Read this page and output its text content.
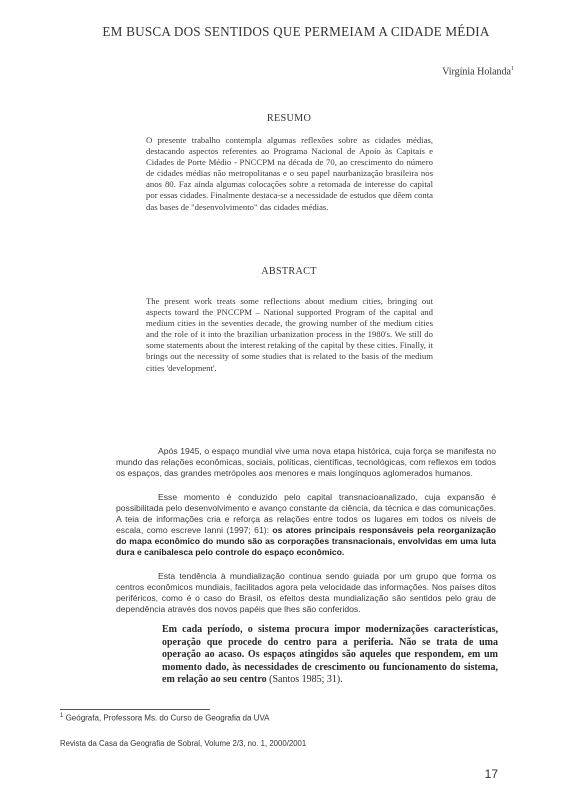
EM BUSCA DOS SENTIDOS QUE PERMEIAM A CIDADE MÉDIA
Virgínia Holanda$^1$
RESUMO

O presente trabalho contempla algumas reflexões sobre as cidades médias, destacando aspectos referentes ao Programa Nacional de Apoio às Capitais e Cidades de Porte Médio - PNCCPM na década de 70, ao crescimento do número de cidades médias não metropolitanas e o seu papel naurbanização brasileira nos anos 80. Faz ainda algumas colocações sobre a retomada de interesse do capital por essas cidades. Finalmente destaca-se a necessidade de estudos que dêem conta das bases de "desenvolvimento" das cidades médias.

ABSTRACT

The present work treats some reflections about medium cities, bringing out aspects toward the PNCCPM – National supported Program of the capital and medium cities in the seventies decade, the growing number of the medium cities and the role of it into the brazilian urbanization process in the 1980's. We still do some statements about the interest retaking of the capital by these cities. Finally, it brings out the necessity of some studies that is related to the basis of the medium cities 'development'.

Após 1945, o espaço mundial vive uma nova etapa histórica, cuja força se manifesta no mundo das relações econômicas, sociais, políticas, científicas, tecnológicas, com reflexos em todos os espaços, das grandes metrópoles aos menores e mais longínquos aglomerados humanos.

Esse momento é conduzido pelo capital transnacioanalizado, cuja expansão é possibilitada pelo desenvolvimento e avanço constante da ciência, da técnica e das comunicações. A teia de informações cria e reforça as relações entre todos os lugares em todos os níveis de escala, como escreve Ianni (1997; 61): os atores principais responsáveis pela reorganização do mapa econômico do mundo são as corporações transnacionais, envolvidas em uma luta dura e canibalesca pelo controle do espaço econômico.

Esta tendência à mundialização continua sendo guiada por um grupo que forma os centros econômicos mundiais, facilitados agora pela velocidade das informações. Nos países ditos periféricos, como é o caso do Brasil, os efeitos desta mundialização são sentidos pelo grau de dependência através dos novos papéis que lhes são conferidos.

Em cada período, o sistema procura impor modernizações características, operação que procede do centro para a periferia. Não se trata de uma operação ao acaso. Os espaços atingidos são aqueles que respondem, em um momento dado, às necessidades de crescimento ou funcionamento do sistema, em relação ao seu centro (Santos 1985; 31).

$^1$ Geógrafa, Professora Ms. do Curso de Geografia da UVA
Revista da Casa da Geografia de Sobral, Volume 2/3, no. 1, 2000/2001
17
